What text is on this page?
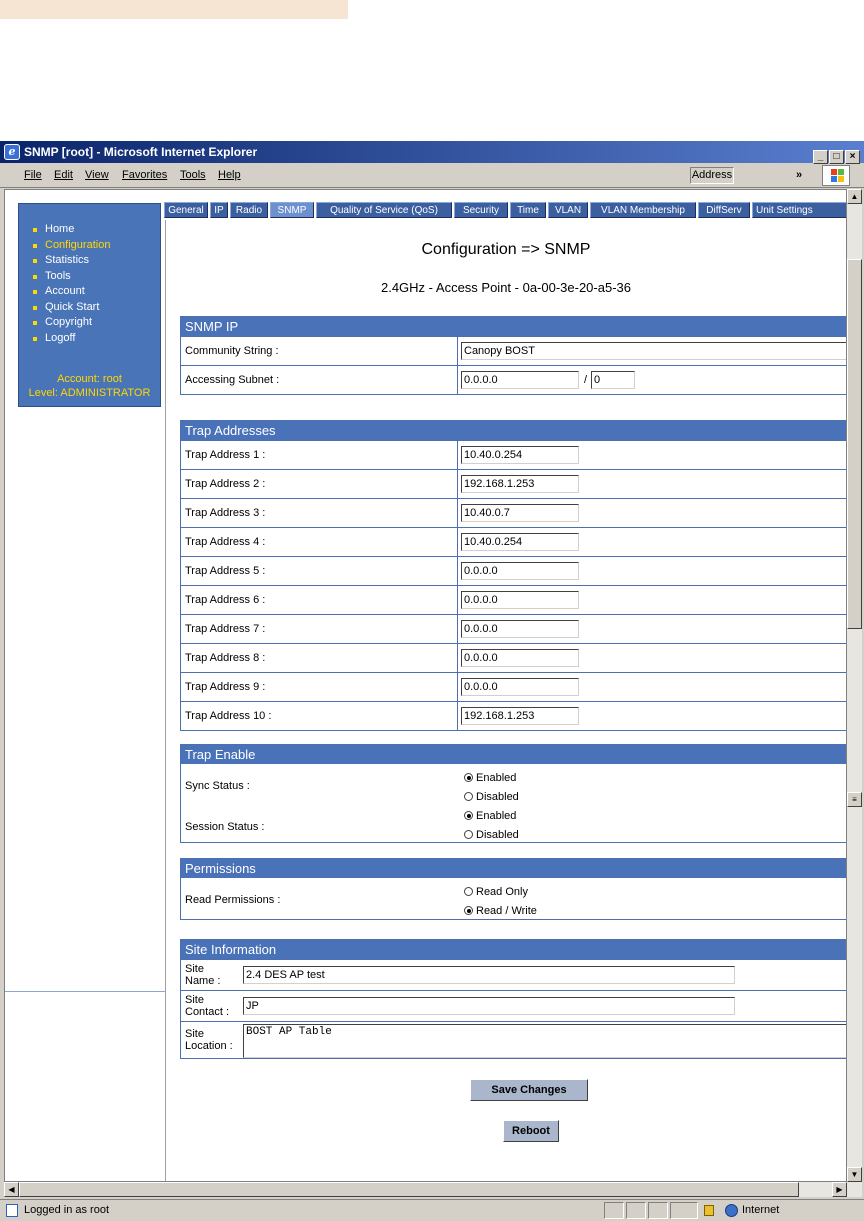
e SNMP [root] - Microsoft Internet Explorer	_ □ ×
File Edit View Favorites Tools Help	Address	»
Home
Configuration
Statistics
Tools
Account
Quick Start
Copyright
Logoff
Account: root
Level: ADMINISTRATOR
General	IP	Radio	SNMP	Quality of Service (QoS)	Security	Time	VLAN	VLAN Membership	DiffServ	Unit Settings
Configuration => SNMP
2.4GHz - Access Point - 0a-00-3e-20-a5-36
SNMP IP
Community String :
Canopy BOST
Accessing Subnet :
0.0.0.0	/
0
Trap Addresses
Trap Address 1 :
10.40.0.254
Trap Address 2 :
192.168.1.253
Trap Address 3 :
10.40.0.7
Trap Address 4 :
10.40.0.254
Trap Address 5 :
0.0.0.0
Trap Address 6 :
0.0.0.0
Trap Address 7 :
0.0.0.0
Trap Address 8 :
0.0.0.0
Trap Address 9 :
0.0.0.0
Trap Address 10 :
192.168.1.253
Trap Enable
Sync Status :
Enabled
Disabled
Session Status :
Enabled
Disabled
Permissions
Read Permissions :
Read Only
Read / Write
Site Information
Site
Name :
2.4 DES AP test
Site
Contact :
JP
Site
Location :
BOST AP Table
Save Changes
Reboot
▲
≡
▼
◀	▶
Logged in as root	Internet
